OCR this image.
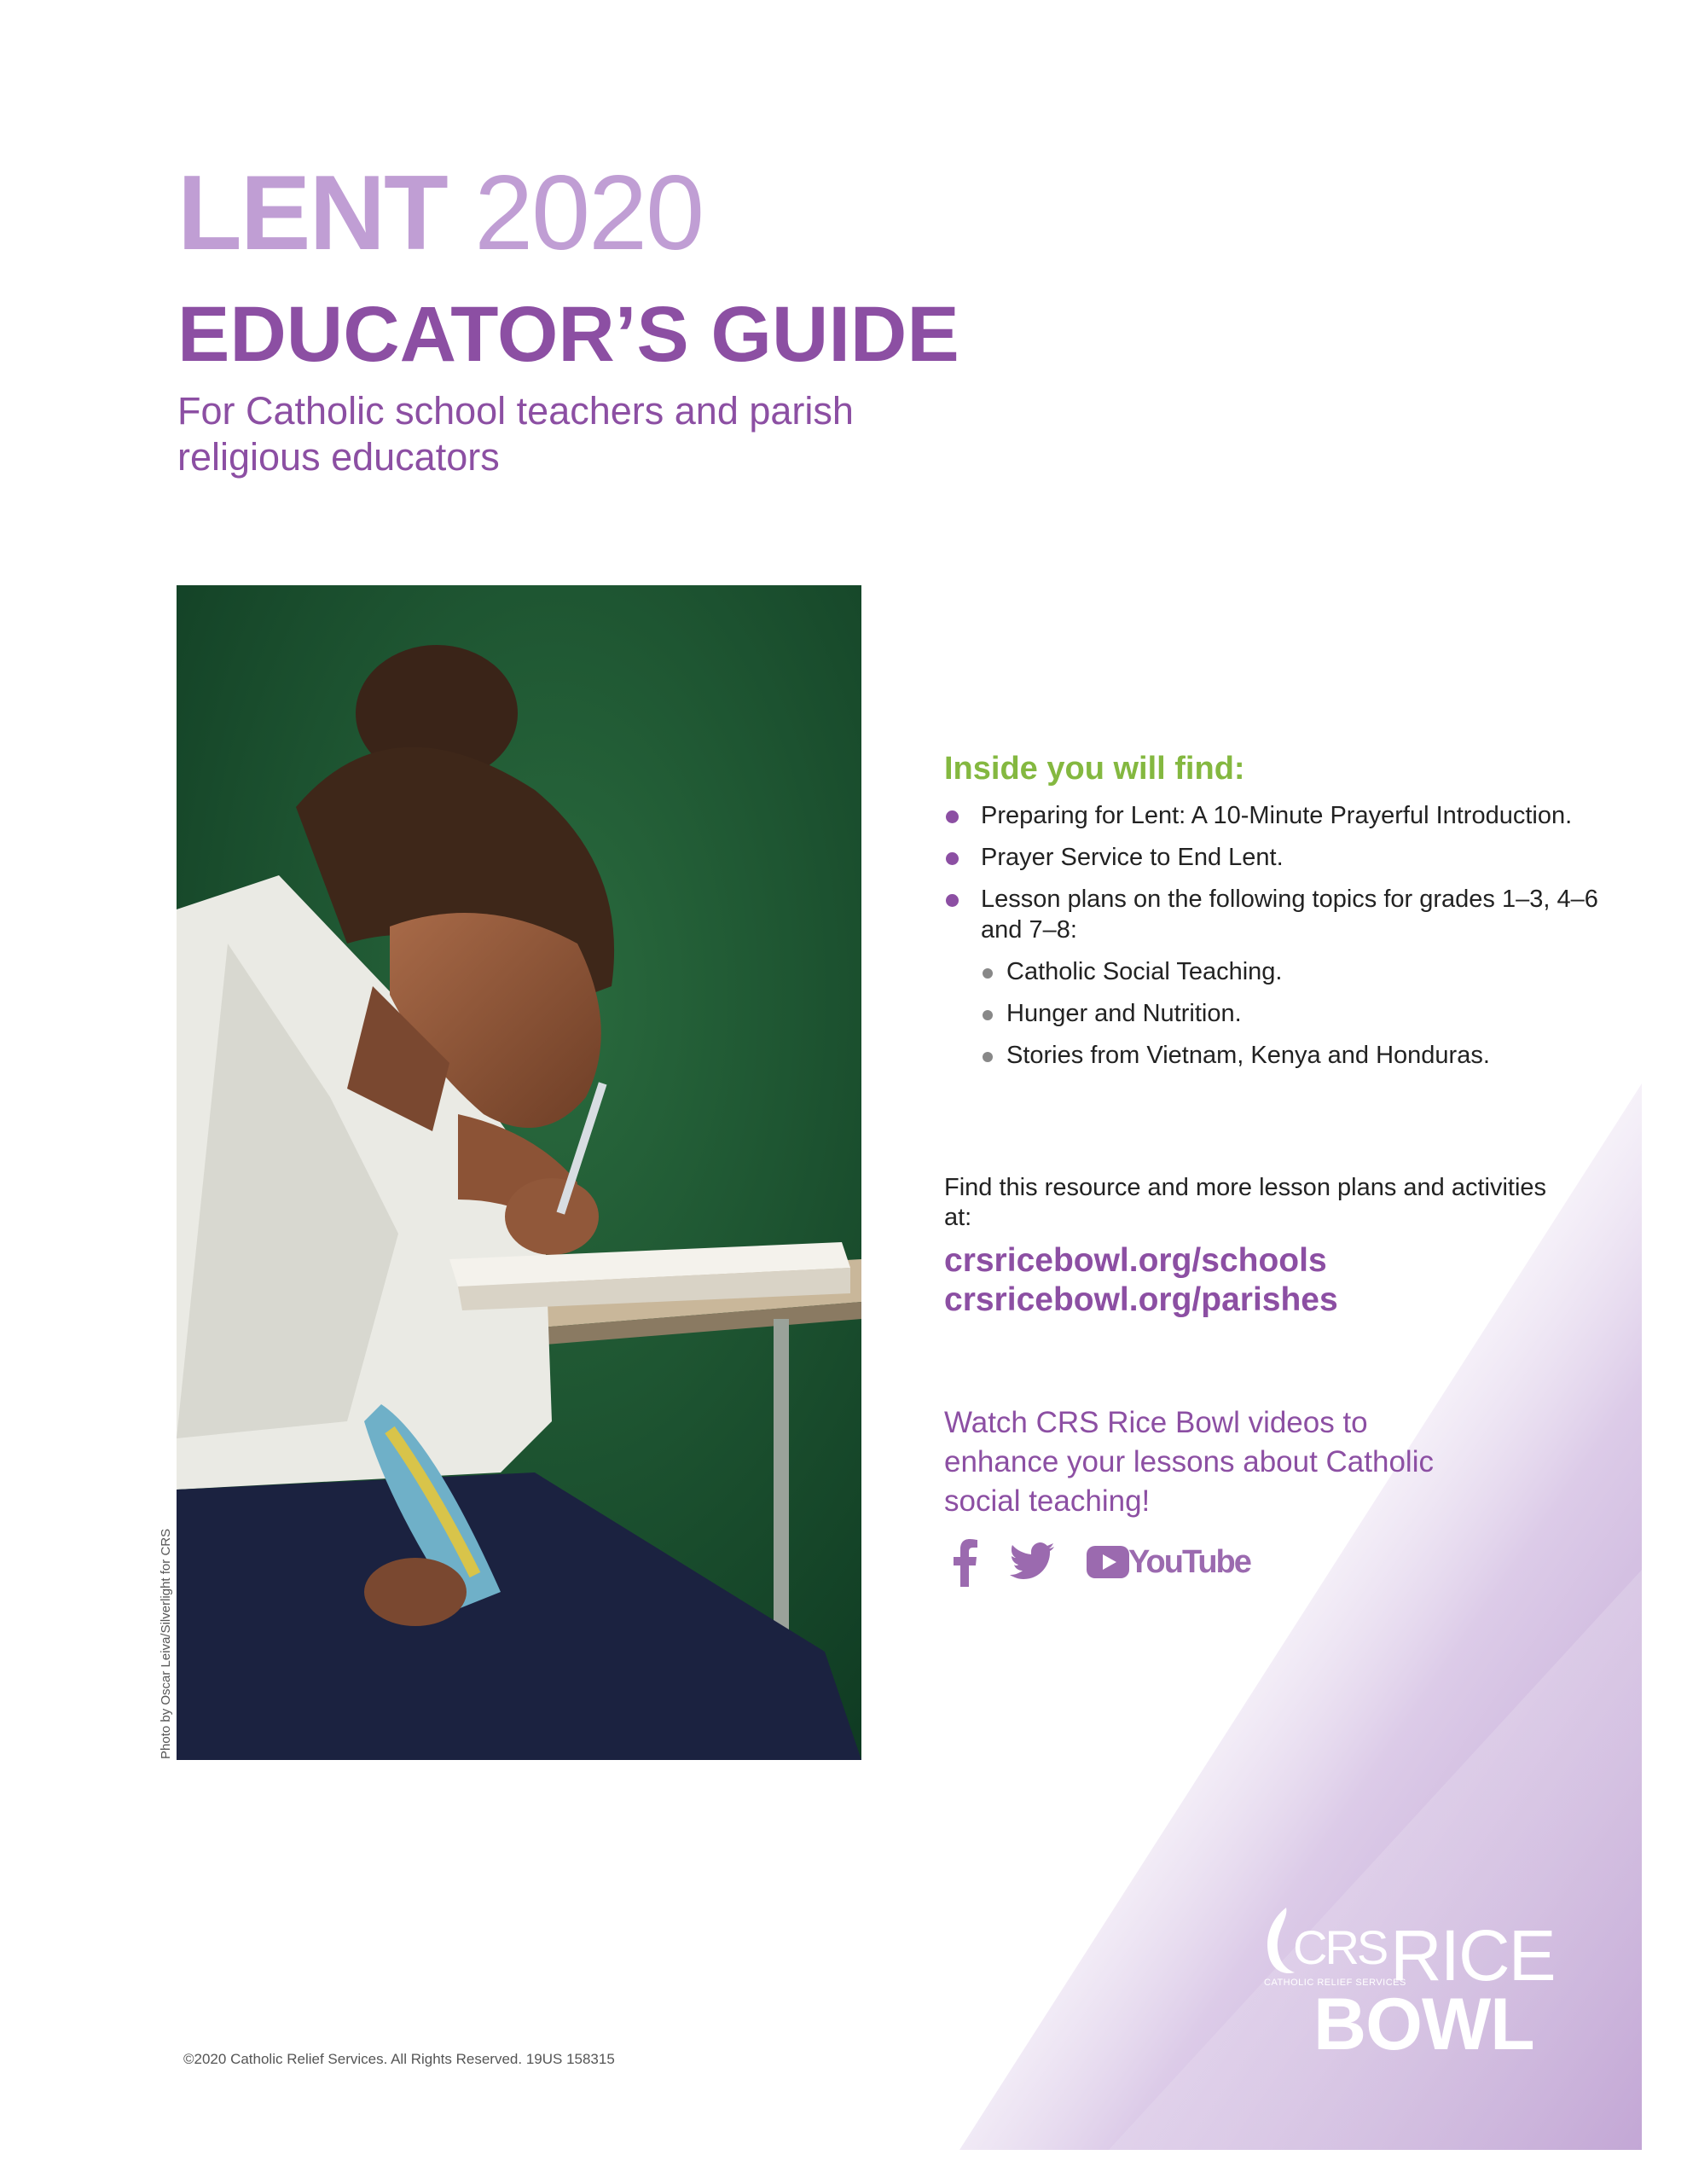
LENT 2020
EDUCATOR’S GUIDE
For Catholic school teachers and parish religious educators
Photo by Oscar Leiva/Silverlight for CRS
Inside you will find:
Preparing for Lent: A 10-Minute Prayerful Introduction.
Prayer Service to End Lent.
Lesson plans on the following topics for grades 1–3, 4–6 and 7–8:
Catholic Social Teaching.
Hunger and Nutrition.
Stories from Vietnam, Kenya and Honduras.
Find this resource and more lesson plans and activities at:
crsricebowl.org/schools
crsricebowl.org/parishes
Watch CRS Rice Bowl videos to enhance your lessons about Catholic social teaching!
YouTube
CRS RICE
CATHOLIC RELIEF SERVICES
BOWL
©2020 Catholic Relief Services. All Rights Reserved. 19US 158315
